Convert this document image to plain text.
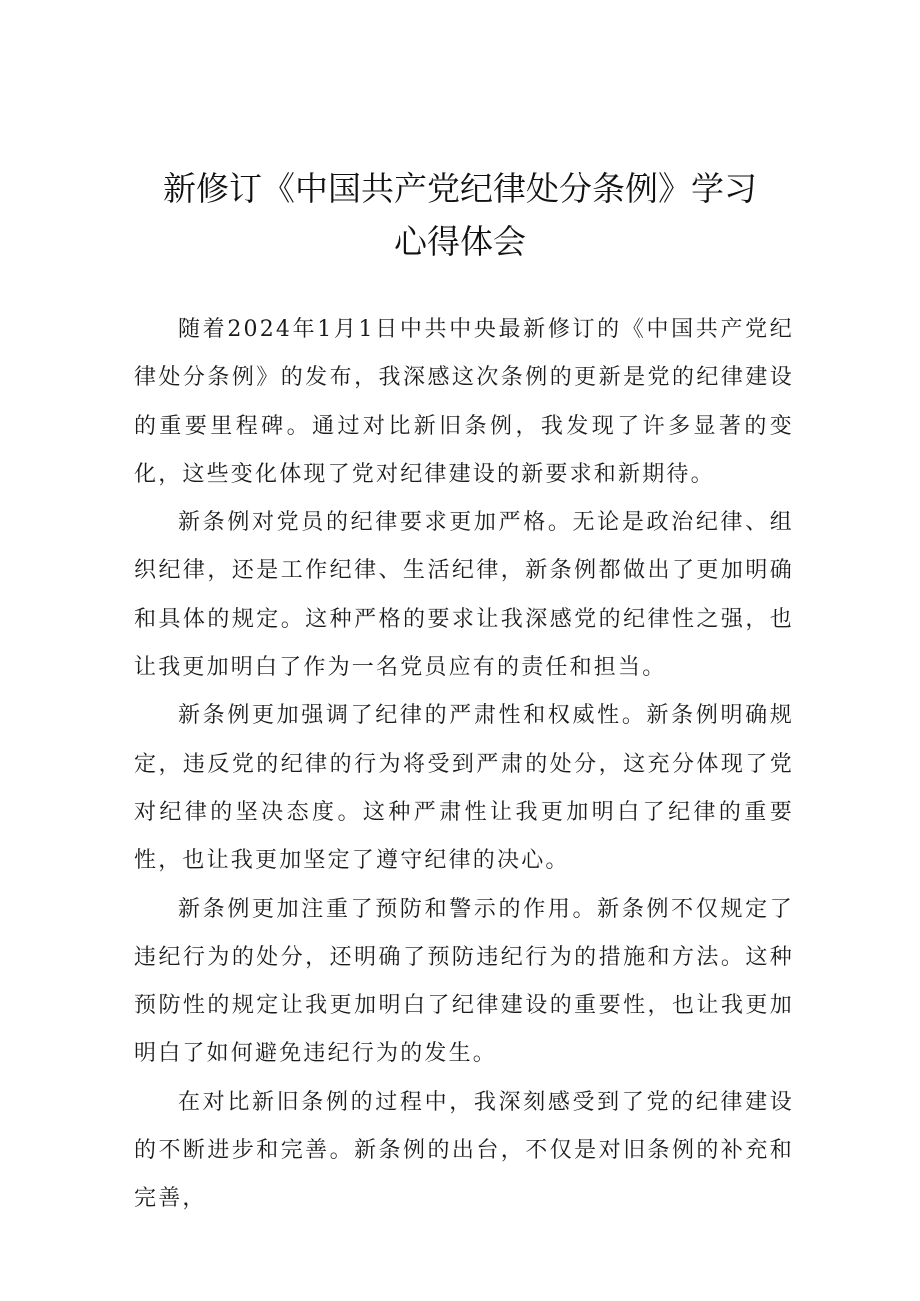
新修订《中国共产党纪律处分条例》学习
心得体会

随着2024年1月1日中共中央最新修订的《中国共产党纪律处分条例》的发布，我深感这次条例的更新是党的纪律建设的重要里程碑。通过对比新旧条例，我发现了许多显著的变化，这些变化体现了党对纪律建设的新要求和新期待。

新条例对党员的纪律要求更加严格。无论是政治纪律、组织纪律，还是工作纪律、生活纪律，新条例都做出了更加明确和具体的规定。这种严格的要求让我深感党的纪律性之强，也让我更加明白了作为一名党员应有的责任和担当。

新条例更加强调了纪律的严肃性和权威性。新条例明确规定，违反党的纪律的行为将受到严肃的处分，这充分体现了党对纪律的坚决态度。这种严肃性让我更加明白了纪律的重要性，也让我更加坚定了遵守纪律的决心。

新条例更加注重了预防和警示的作用。新条例不仅规定了违纪行为的处分，还明确了预防违纪行为的措施和方法。这种预防性的规定让我更加明白了纪律建设的重要性，也让我更加明白了如何避免违纪行为的发生。

在对比新旧条例的过程中，我深刻感受到了党的纪律建设的不断进步和完善。新条例的出台，不仅是对旧条例的补充和完善，
